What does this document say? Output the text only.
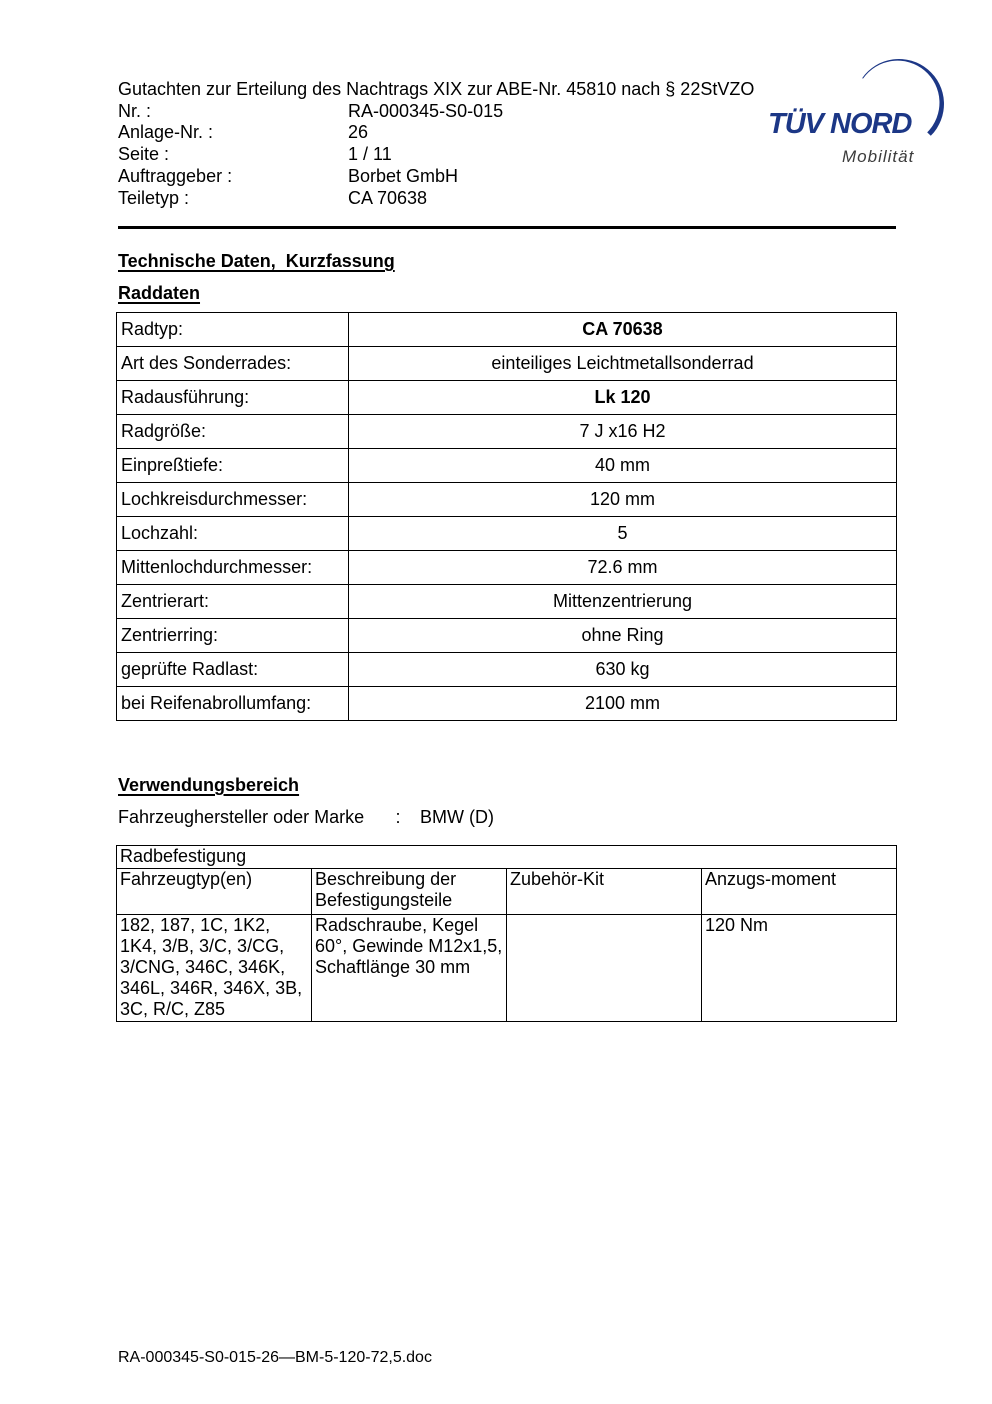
Gutachten zur Erteilung des Nachtrags XIX zur ABE-Nr. 45810 nach § 22StVZO
Nr. :	RA-000345-S0-015
Anlage-Nr. :	26
Seite :	1 / 11
Auftraggeber :	Borbet GmbH
Teiletyp :	CA 70638
TÜV NORD
Mobilität
Technische Daten,  Kurzfassung
Raddaten
Radtyp:	CA 70638
Art des Sonderrades:	einteiliges Leichtmetallsonderrad
Radausführung:	Lk 120
Radgröße:	7 J x16 H2
Einpreßtiefe:	40 mm
Lochkreisdurchmesser:	120 mm
Lochzahl:	5
Mittenlochdurchmesser:	72.6 mm
Zentrierart:	Mittenzentrierung
Zentrierring:	ohne Ring
geprüfte Radlast:	630 kg
bei Reifenabrollumfang:	2100 mm
Verwendungsbereich
Fahrzeughersteller oder Marke	:	BMW (D)
Radbefestigung			
Fahrzeugtyp(en)	Beschreibung der Befestigungsteile	Zubehör-Kit	Anzugs-moment
182, 187, 1C, 1K2, 1K4, 3/B, 3/C, 3/CG, 3/CNG, 346C, 346K, 346L, 346R, 346X, 3B, 3C, R/C, Z85	Radschraube, Kegel 60°, Gewinde M12x1,5, Schaftlänge 30 mm		120 Nm
RA-000345-S0-015-26—BM-5-120-72,5.doc
